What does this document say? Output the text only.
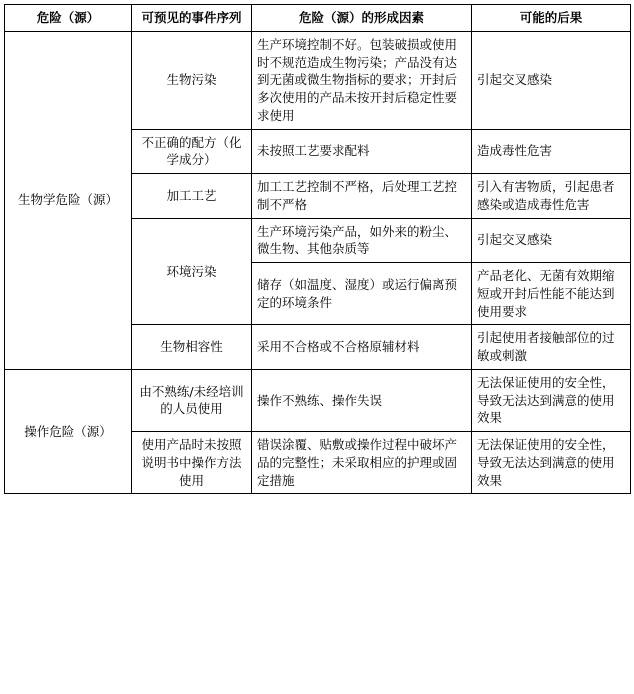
危险（源）	可预见的事件序列	危险（源）的形成因素	可能的后果
生物学危险（源）	生物污染	生产环境控制不好。包装破损或使用时不规范造成生物污染；产品没有达到无菌或微生物指标的要求；开封后多次使用的产品未按开封后稳定性要求使用	引起交叉感染
	不正确的配方（化学成分）	未按照工艺要求配料	造成毒性危害
	加工工艺	加工工艺控制不严格，后处理工艺控制不严格	引入有害物质，引起患者感染或造成毒性危害
	环境污染	生产环境污染产品，如外来的粉尘、微生物、其他杂质等	引起交叉感染
		储存（如温度、湿度）或运行偏离预定的环境条件	产品老化、无菌有效期缩短或开封后性能不能达到使用要求
	生物相容性	采用不合格或不合格原辅材料	引起使用者接触部位的过敏或刺激
操作危险（源）	由不熟练/未经培训的人员使用	操作不熟练、操作失误	无法保证使用的安全性，导致无法达到满意的使用效果
	使用产品时未按照说明书中操作方法使用	错误涂覆、贴敷或操作过程中破坏产品的完整性；未采取相应的护理或固定措施	无法保证使用的安全性，导致无法达到满意的使用效果
